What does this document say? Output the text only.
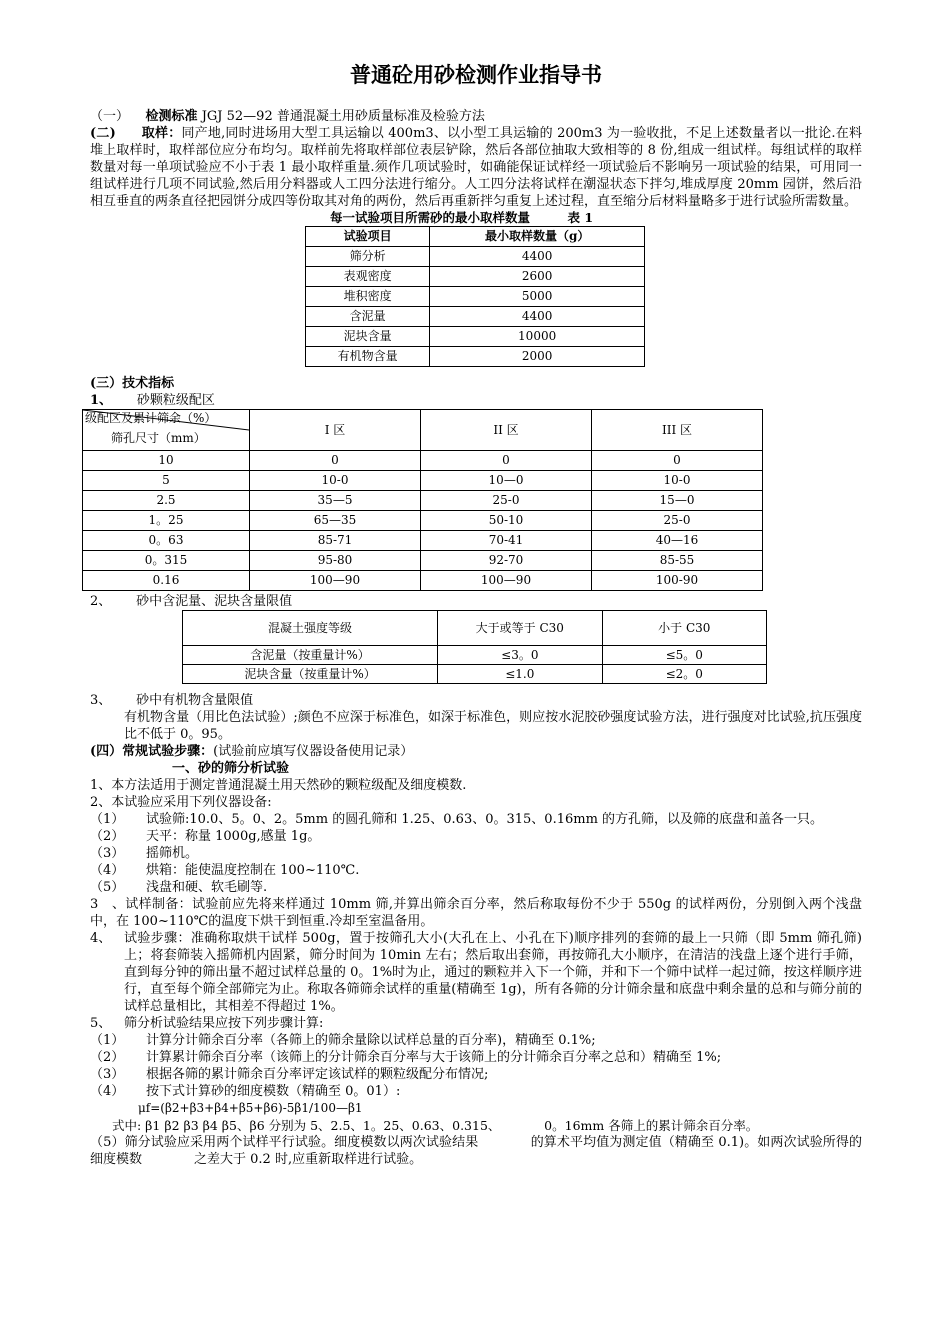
普通砼用砂检测作业指导书

（一） 检测标准 JGJ 52—92 普通混凝土用砂质量标准及检验方法

(二) 取样：同产地,同时进场用大型工具运输以 400m3、以小型工具运输的 200m3 为一验收批，不足上述数量者以一批论.在料堆上取样时，取样部位应分布均匀。取样前先将取样部位表层铲除，然后各部位抽取大致相等的 8 份,组成一组试样。每组试样的取样数量对每一单项试验应不小于表 1 最小取样重量.须作几项试验时，如确能保证试样经一项试验后不影响另一项试验的结果，可用同一组试样进行几项不同试验,然后用分料器或人工四分法进行缩分。人工四分法将试样在潮湿状态下拌匀,堆成厚度 20mm 园饼，然后沿相互垂直的两条直径把园饼分成四等份取其对角的两份，然后再重新拌匀重复上述过程，直至缩分后材料量略多于进行试验所需数量。

每一试验项目所需砂的最小取样数量　　　表 1
试验项目	最小取样数量（g）
筛分析	4400
表观密度	2600
堆积密度	5000
含泥量	4400
泥块含量	10000
有机物含量	2000

(三）技术指标

1、 砂颗粒级配区

级配区及累计筛余（%）
筛孔尺寸（mm）	I 区	II 区	III 区
10	0	0	0
5	10-0	10—0	10-0
2.5	35—5	25-0	15—0
1。25	65—35	50-10	25-0
0。63	85-71	70-41	40—16
0。315	95-80	92-70	85-55
0.16	100—90	100—90	100-90

2、 砂中含泥量、泥块含量限值

混凝土强度等级	大于或等于 C30	小于 C30
含泥量（按重量计%）	≤3。0	≤5。0
泥块含量（按重量计%）	≤1.0	≤2。0

3、 砂中有机物含量限值

有机物含量（用比色法试验）;颜色不应深于标准色，如深于标准色，则应按水泥胶砂强度试验方法，进行强度对比试验,抗压强度比不低于 0。95。

(四）常规试验步骤：(试验前应填写仪器设备使用记录）

一、砂的筛分析试验

1、本方法适用于测定普通混凝土用天然砂的颗粒级配及细度模数.

2、本试验应采用下列仪器设备:

（1） 试验筛:10.0、5。0、2。5mm 的圆孔筛和 1.25、0.63、0。315、0.16mm 的方孔筛，以及筛的底盘和盖各一只。

（2） 天平：称量 1000g,感量 1g。

（3） 摇筛机。

（4） 烘箱：能使温度控制在 100~110℃.

（5） 浅盘和硬、软毛刷等.

3　、试样制备：试验前应先将来样通过 10mm 筛,并算出筛余百分率，然后称取每份不少于 550g 的试样两份，分别倒入两个浅盘中，在 100~110℃的温度下烘干到恒重.冷却至室温备用。

4、 试验步骤：准确称取烘干试样 500g，置于按筛孔大小(大孔在上、小孔在下)顺序排列的套筛的最上一只筛（即 5mm 筛孔筛)上；将套筛装入摇筛机内固紧，筛分时间为 10min 左右；然后取出套筛，再按筛孔大小顺序，在清洁的浅盘上逐个进行手筛，直到每分钟的筛出量不超过试样总量的 0。1%时为止，通过的颗粒并入下一个筛，并和下一个筛中试样一起过筛，按这样顺序进行，直至每个筛全部筛完为止。称取各筛筛余试样的重量(精确至 1g)，所有各筛的分计筛余量和底盘中剩余量的总和与筛分前的试样总量相比，其相差不得超过 1%。

5、 筛分析试验结果应按下列步骤计算:

（1） 计算分计筛余百分率（各筛上的筛余量除以试样总量的百分率)，精确至 0.1%;

（2） 计算累计筛余百分率（该筛上的分计筛余百分率与大于该筛上的分计筛余百分率之总和）精确至 1%;

（3） 根据各筛的累计筛余百分率评定该试样的颗粒级配分布情况;

（4） 按下式计算砂的细度模数（精确至 0。01）:

μf=(β2+β3+β4+β5+β6)-5β1/100—β1

式中: β1 β2 β3 β4 β5、β6 分别为 5、2.5、1。25、0.63、0.315、　　　　0。16mm 各筛上的累计筛余百分率。

（5）筛分试验应采用两个试样平行试验。细度模数以两次试验结果　　　　的算术平均值为测定值（精确至 0.1)。如两次试验所得的细度模数　　　　之差大于 0.2 时,应重新取样进行试验。
